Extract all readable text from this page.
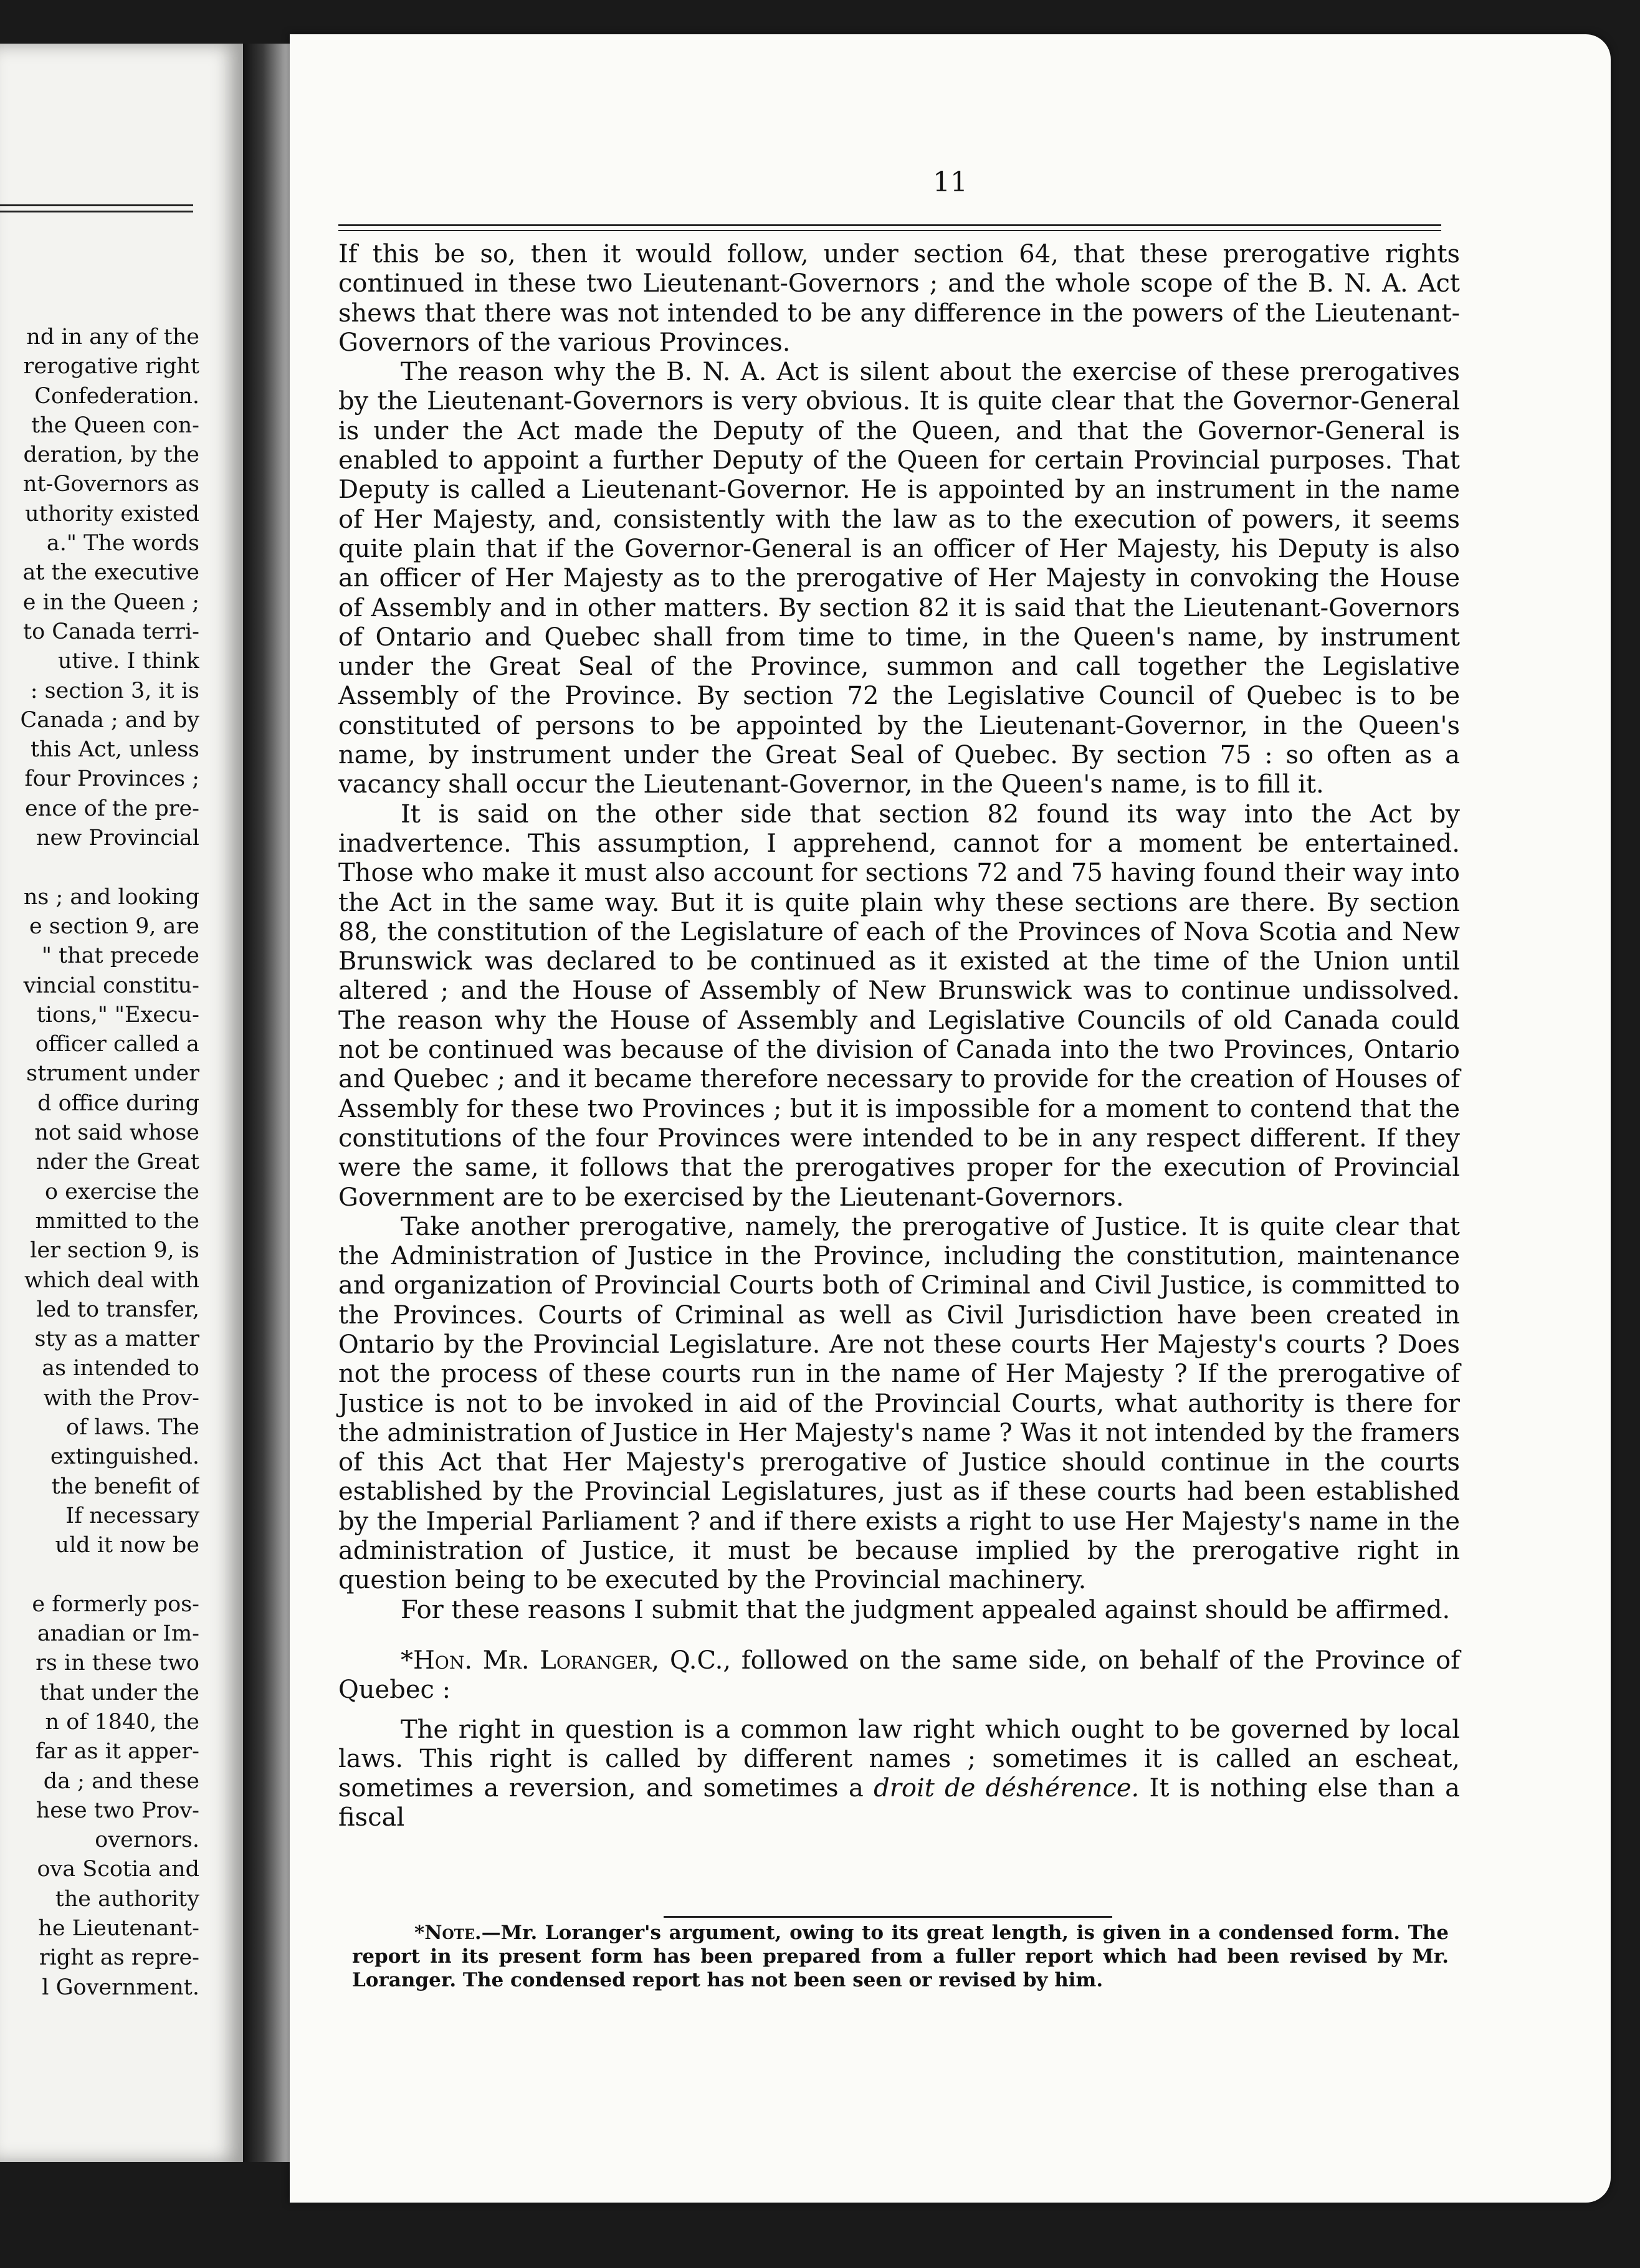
nd in any of the
rerogative right
Confederation.
the Queen con-
deration, by the
nt-Governors as
uthority existed
a." The words
at the executive
e in the Queen ;
to Canada terri-
utive. I think
: section 3, it is
Canada ; and by
this Act, unless
four Provinces ;
ence of the pre-
new Provincial

ns ; and looking
e section 9, are
" that precede
vincial constitu-
tions," "Execu-
officer called a
strument under
d office during
not said whose
nder the Great
o exercise the
mmitted to the
ler section 9, is
which deal with
led to transfer,
sty as a matter
as intended to
with the Prov-
of laws. The
extinguished.
the benefit of
If necessary
uld it now be

e formerly pos-
anadian or Im-
rs in these two
that under the
n of 1840, the
far as it apper-
da ; and these
hese two Prov-
overnors.
ova Scotia and
the authority
he Lieutenant-
right as repre-
l Government.
11

If this be so, then it would follow, under section 64, that these prerogative rights continued in these two Lieutenant-Governors ; and the whole scope of the B. N. A. Act shews that there was not intended to be any difference in the powers of the Lieutenant-Governors of the various Provinces.

The reason why the B. N. A. Act is silent about the exercise of these prerogatives by the Lieutenant-Governors is very obvious. It is quite clear that the Governor-General is under the Act made the Deputy of the Queen, and that the Governor-General is enabled to appoint a further Deputy of the Queen for certain Provincial purposes. That Deputy is called a Lieutenant-Governor. He is appointed by an instrument in the name of Her Majesty, and, consistently with the law as to the execution of powers, it seems quite plain that if the Governor-General is an officer of Her Majesty, his Deputy is also an officer of Her Majesty as to the prerogative of Her Majesty in convoking the House of Assembly and in other matters. By section 82 it is said that the Lieutenant-Governors of Ontario and Quebec shall from time to time, in the Queen's name, by instrument under the Great Seal of the Province, summon and call together the Legislative Assembly of the Province. By section 72 the Legislative Council of Quebec is to be constituted of persons to be appointed by the Lieutenant-Governor, in the Queen's name, by instrument under the Great Seal of Quebec. By section 75 : so often as a vacancy shall occur the Lieutenant-Governor, in the Queen's name, is to fill it.

It is said on the other side that section 82 found its way into the Act by inadvertence. This assumption, I apprehend, cannot for a moment be entertained. Those who make it must also account for sections 72 and 75 having found their way into the Act in the same way. But it is quite plain why these sections are there. By section 88, the constitution of the Legislature of each of the Provinces of Nova Scotia and New Brunswick was declared to be continued as it existed at the time of the Union until altered ; and the House of Assembly of New Brunswick was to continue undissolved. The reason why the House of Assembly and Legislative Councils of old Canada could not be continued was because of the division of Canada into the two Provinces, Ontario and Quebec ; and it became therefore necessary to provide for the creation of Houses of Assembly for these two Provinces ; but it is impossible for a moment to contend that the constitutions of the four Provinces were intended to be in any respect different. If they were the same, it follows that the prerogatives proper for the execution of Provincial Government are to be exercised by the Lieutenant-Governors.

Take another prerogative, namely, the prerogative of Justice. It is quite clear that the Administration of Justice in the Province, including the constitution, maintenance and organization of Provincial Courts both of Criminal and Civil Justice, is committed to the Provinces. Courts of Criminal as well as Civil Jurisdiction have been created in Ontario by the Provincial Legislature. Are not these courts Her Majesty's courts ? Does not the process of these courts run in the name of Her Majesty ? If the prerogative of Justice is not to be invoked in aid of the Provincial Courts, what authority is there for the administration of Justice in Her Majesty's name ? Was it not intended by the framers of this Act that Her Majesty's prerogative of Justice should continue in the courts established by the Provincial Legislatures, just as if these courts had been established by the Imperial Parliament ? and if there exists a right to use Her Majesty's name in the administration of Justice, it must be because implied by the prerogative right in question being to be executed by the Provincial machinery.

For these reasons I submit that the judgment appealed against should be affirmed.

*Hon. Mr. Loranger, Q.C., followed on the same side, on behalf of the Province of Quebec :

The right in question is a common law right which ought to be governed by local laws. This right is called by different names ; sometimes it is called an escheat, sometimes a reversion, and sometimes a droit de déshérence. It is nothing else than a fiscal

*Note.—Mr. Loranger's argument, owing to its great length, is given in a condensed form. The report in its present form has been prepared from a fuller report which had been revised by Mr. Loranger. The condensed report has not been seen or revised by him.
